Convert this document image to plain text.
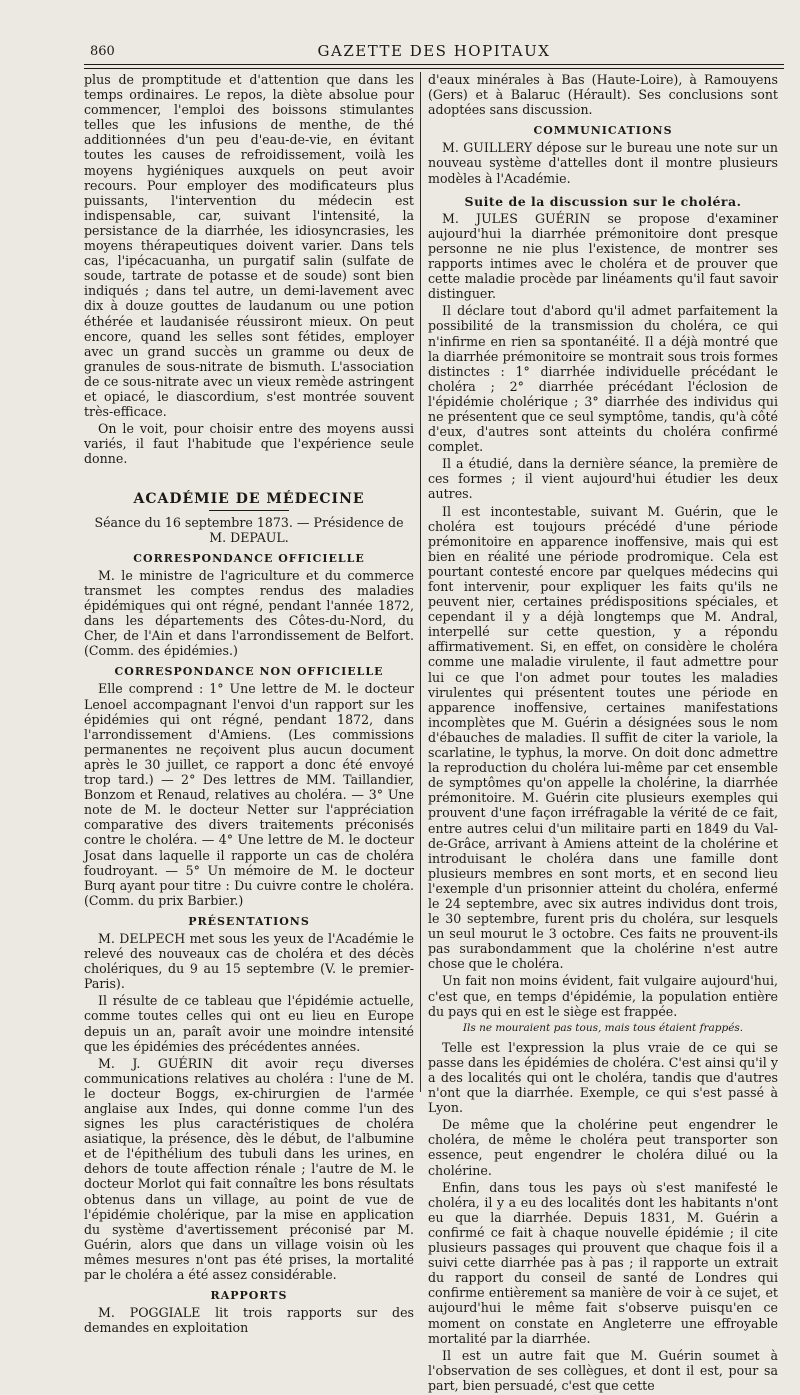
860	GAZETTE DES HOPITAUX

plus de promptitude et d'attention que dans les temps ordinaires. Le repos, la diète absolue pour commencer, l'emploi des boissons stimulantes telles que les infusions de menthe, de thé additionnées d'un peu d'eau-de-vie, en évitant toutes les causes de refroidissement, voilà les moyens hygiéniques auxquels on peut avoir recours. Pour employer des modificateurs plus puissants, l'intervention du médecin est indispensable, car, suivant l'intensité, la persistance de la diarrhée, les idiosyncrasies, les moyens thérapeutiques doivent varier. Dans tels cas, l'ipécacuanha, un purgatif salin (sulfate de soude, tartrate de potasse et de soude) sont bien indiqués ; dans tel autre, un demi-lavement avec dix à douze gouttes de laudanum ou une potion éthérée et laudanisée réussiront mieux. On peut encore, quand les selles sont fétides, employer avec un grand succès un gramme ou deux de granules de sous-nitrate de bismuth. L'association de ce sous-nitrate avec un vieux remède astringent et opiacé, le diascordium, s'est montrée souvent très-efficace.

On le voit, pour choisir entre des moyens aussi variés, il faut l'habitude que l'expérience seule donne.

ACADÉMIE DE MÉDECINE
Séance du 16 septembre 1873. — Présidence de M. DEPAUL.
CORRESPONDANCE OFFICIELLE

M. le ministre de l'agriculture et du commerce transmet les comptes rendus des maladies épidémiques qui ont régné, pendant l'année 1872, dans les départements des Côtes-du-Nord, du Cher, de l'Ain et dans l'arrondissement de Belfort. (Comm. des épidémies.)

CORRESPONDANCE NON OFFICIELLE

Elle comprend : 1° Une lettre de M. le docteur Lenoel accompagnant l'envoi d'un rapport sur les épidémies qui ont régné, pendant 1872, dans l'arrondissement d'Amiens. (Les commissions permanentes ne reçoivent plus aucun document après le 30 juillet, ce rapport a donc été envoyé trop tard.) — 2° Des lettres de MM. Taillandier, Bonzom et Renaud, relatives au choléra. — 3° Une note de M. le docteur Netter sur l'appréciation comparative des divers traitements préconisés contre le choléra. — 4° Une lettre de M. le docteur Josat dans laquelle il rapporte un cas de choléra foudroyant. — 5° Un mémoire de M. le docteur Burq ayant pour titre : Du cuivre contre le choléra. (Comm. du prix Barbier.)

PRÉSENTATIONS

M. DELPECH met sous les yeux de l'Académie le relevé des nouveaux cas de choléra et des décès cholériques, du 9 au 15 septembre (V. le premier-Paris).

Il résulte de ce tableau que l'épidémie actuelle, comme toutes celles qui ont eu lieu en Europe depuis un an, paraît avoir une moindre intensité que les épidémies des précédentes années.

M. J. GUÉRIN dit avoir reçu diverses communications relatives au choléra : l'une de M. le docteur Boggs, ex-chirurgien de l'armée anglaise aux Indes, qui donne comme l'un des signes les plus caractéristiques de choléra asiatique, la présence, dès le début, de l'albumine et de l'épithélium des tubuli dans les urines, en dehors de toute affection rénale ; l'autre de M. le docteur Morlot qui fait connaître les bons résultats obtenus dans un village, au point de vue de l'épidémie cholérique, par la mise en application du système d'avertissement préconisé par M. Guérin, alors que dans un village voisin où les mêmes mesures n'ont pas été prises, la mortalité par le choléra a été assez considérable.

RAPPORTS

M. POGGIALE lit trois rapports sur des demandes en exploitation

d'eaux minérales à Bas (Haute-Loire), à Ramouyens (Gers) et à Balaruc (Hérault). Ses conclusions sont adoptées sans discussion.

COMMUNICATIONS

M. GUILLERY dépose sur le bureau une note sur un nouveau système d'attelles dont il montre plusieurs modèles à l'Académie.

Suite de la discussion sur le choléra.

M. JULES GUÉRIN se propose d'examiner aujourd'hui la diarrhée prémonitoire dont presque personne ne nie plus l'existence, de montrer ses rapports intimes avec le choléra et de prouver que cette maladie procède par linéaments qu'il faut savoir distinguer.

Il déclare tout d'abord qu'il admet parfaitement la possibilité de la transmission du choléra, ce qui n'infirme en rien sa spontanéité. Il a déjà montré que la diarrhée prémonitoire se montrait sous trois formes distinctes : 1° diarrhée individuelle précédant le choléra ; 2° diarrhée précédant l'éclosion de l'épidémie cholérique ; 3° diarrhée des individus qui ne présentent que ce seul symptôme, tandis, qu'à côté d'eux, d'autres sont atteints du choléra confirmé complet.

Il a étudié, dans la dernière séance, la première de ces formes ; il vient aujourd'hui étudier les deux autres.

Il est incontestable, suivant M. Guérin, que le choléra est toujours précédé d'une période prémonitoire en apparence inoffensive, mais qui est bien en réalité une période prodromique. Cela est pourtant contesté encore par quelques médecins qui font intervenir, pour expliquer les faits qu'ils ne peuvent nier, certaines prédispositions spéciales, et cependant il y a déjà longtemps que M. Andral, interpellé sur cette question, y a répondu affirmativement. Si, en effet, on considère le choléra comme une maladie virulente, il faut admettre pour lui ce que l'on admet pour toutes les maladies virulentes qui présentent toutes une période en apparence inoffensive, certaines manifestations incomplètes que M. Guérin a désignées sous le nom d'ébauches de maladies. Il suffit de citer la variole, la scarlatine, le typhus, la morve. On doit donc admettre la reproduction du choléra lui-même par cet ensemble de symptômes qu'on appelle la cholérine, la diarrhée prémonitoire. M. Guérin cite plusieurs exemples qui prouvent d'une façon irréfragable la vérité de ce fait, entre autres celui d'un militaire parti en 1849 du Val-de-Grâce, arrivant à Amiens atteint de la cholérine et introduisant le choléra dans une famille dont plusieurs membres en sont morts, et en second lieu l'exemple d'un prisonnier atteint du choléra, enfermé le 24 septembre, avec six autres individus dont trois, le 30 septembre, furent pris du choléra, sur lesquels un seul mourut le 3 octobre. Ces faits ne prouvent-ils pas surabondamment que la cholérine n'est autre chose que le choléra.

Un fait non moins évident, fait vulgaire aujourd'hui, c'est que, en temps d'épidémie, la population entière du pays qui en est le siège est frappée.

Ils ne mouraient pas tous, mais tous étaient frappés.

Telle est l'expression la plus vraie de ce qui se passe dans les épidémies de choléra. C'est ainsi qu'il y a des localités qui ont le choléra, tandis que d'autres n'ont que la diarrhée. Exemple, ce qui s'est passé à Lyon.

De même que la cholérine peut engendrer le choléra, de même le choléra peut transporter son essence, peut engendrer le choléra dilué ou la cholérine.

Enfin, dans tous les pays où s'est manifesté le choléra, il y a eu des localités dont les habitants n'ont eu que la diarrhée. Depuis 1831, M. Guérin a confirmé ce fait à chaque nouvelle épidémie ; il cite plusieurs passages qui prouvent que chaque fois il a suivi cette diarrhée pas à pas ; il rapporte un extrait du rapport du conseil de santé de Londres qui confirme entièrement sa manière de voir à ce sujet, et aujourd'hui le même fait s'observe puisqu'en ce moment on constate en Angleterre une effroyable mortalité par la diarrhée.

Il est un autre fait que M. Guérin soumet à l'observation de ses collègues, et dont il est, pour sa part, bien persuadé, c'est que cette
